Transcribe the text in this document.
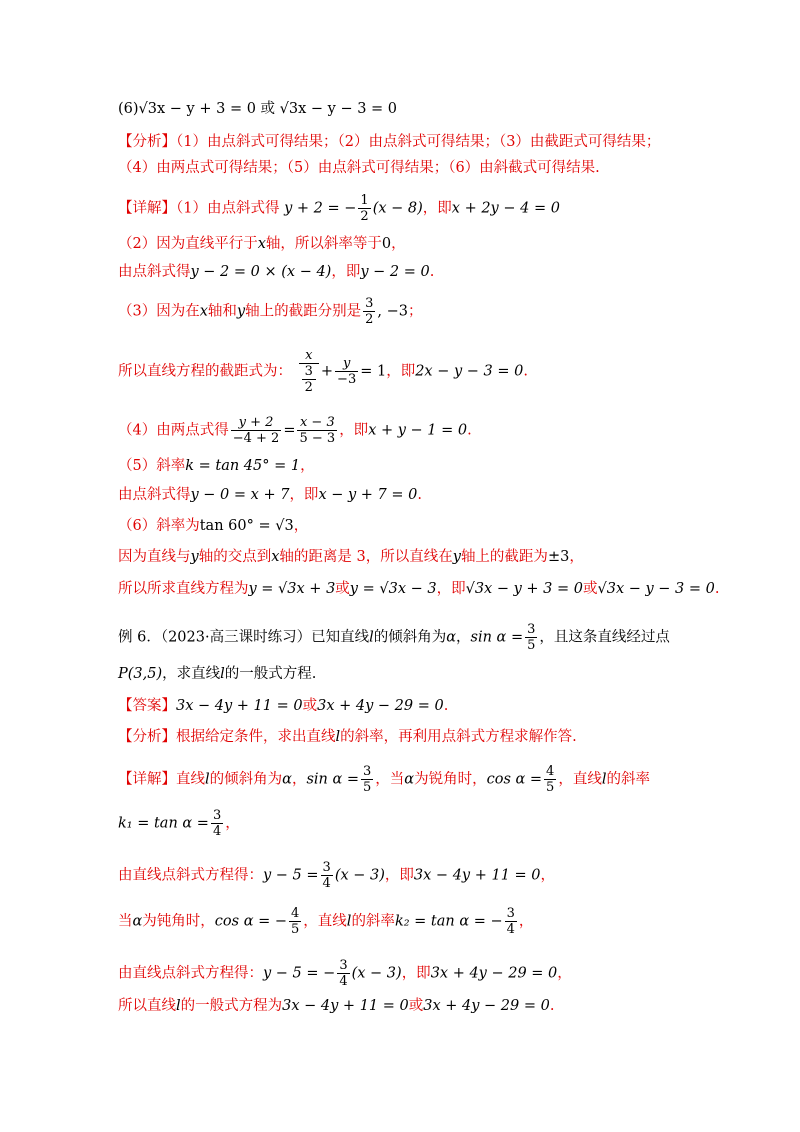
(6)√3x − y + 3 = 0 或 √3x − y − 3 = 0
【分析】（1）由点斜式可得结果；（2）由点斜式可得结果；（3）由截距式可得结果；
（4）由两点式可得结果；（5）由点斜式可得结果；（6）由斜截式可得结果.
【详解】（1）由点斜式得 y + 2 = − $\frac{1}{2} (x - 8)$，即x + 2y − 4 = 0
（2）因为直线平行于x轴，所以斜率等于0，
由点斜式得y − 2 = 0 × (x − 4)，即y − 2 = 0.
（3）因为在x轴和y轴上的截距分别是 $\frac{3}{2}$ , −3；
所以直线方程的截距式为： $\frac{x}{\frac{3}{2}} + \frac{y}{-3} = 1$，即2x − y − 3 = 0.
（4）由两点式得 $\frac{y + 2}{-4 + 2} = \frac{x - 3}{5 - 3}$ ，即x + y − 1 = 0.
（5）斜率k = tan 45° = 1，
由点斜式得y − 0 = x + 7，即x − y + 7 = 0.
（6）斜率为tan 60° = √3，
因为直线与y轴的交点到x轴的距离是 3，所以直线在y轴上的截距为±3，
所以所求直线方程为y = √3x + 3或y = √3x − 3，即√3x − y + 3 = 0或√3x − y − 3 = 0.
例 6．（2023·高三课时练习）已知直线l的倾斜角为α，$\sin \alpha = \frac{3}{5}$ ，且这条直线经过点
P(3,5)，求直线l的一般式方程.
【答案】3x − 4y + 11 = 0或3x + 4y − 29 = 0.
【分析】根据给定条件，求出直线l的斜率，再利用点斜式方程求解作答.
【详解】直线l的倾斜角为α，$\sin \alpha = \frac{3}{5}$ ，当α为锐角时，$\cos \alpha = \frac{4}{5}$ ，直线l的斜率
$k_1 = \tan \alpha = \frac{3}{4}$ ，
由直线点斜式方程得：$y - 5 = \frac{3}{4} (x - 3)$，即3x − 4y + 11 = 0，
当α为钝角时，cos α = − $\frac{4}{5}$ ，直线l的斜率k₂ = tan α = − $\frac{3}{4}$ ，
由直线点斜式方程得：y − 5 = − $\frac{3}{4} (x - 3)$，即3x + 4y − 29 = 0，
所以直线l的一般式方程为3x − 4y + 11 = 0或3x + 4y − 29 = 0.
